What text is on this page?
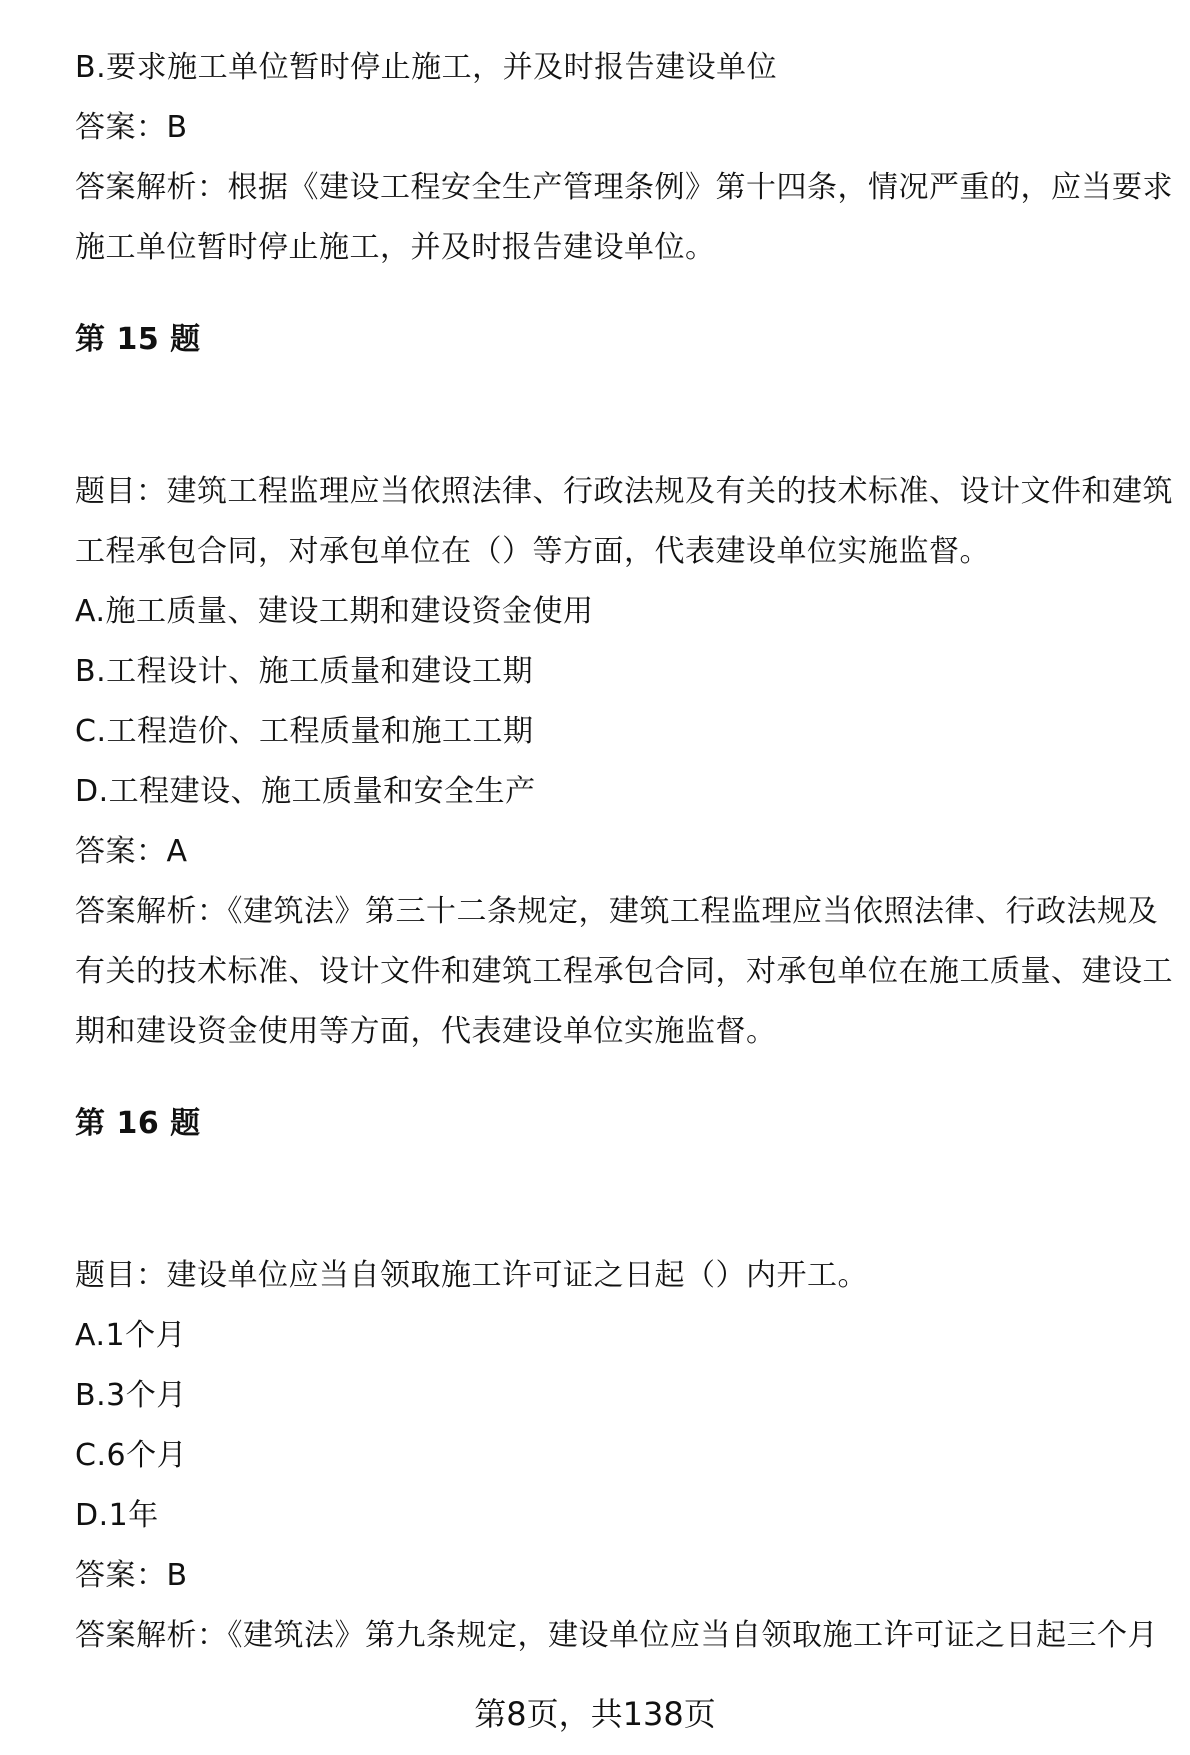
B.要求施工单位暂时停止施工，并及时报告建设单位
答案：B
答案解析：根据《建设工程安全生产管理条例》第十四条，情况严重的，应当要求
施工单位暂时停止施工，并及时报告建设单位。
第 15 题
题目：建筑工程监理应当依照法律、行政法规及有关的技术标准、设计文件和建筑
工程承包合同，对承包单位在（）等方面，代表建设单位实施监督。
A.施工质量、建设工期和建设资金使用
B.工程设计、施工质量和建设工期
C.工程造价、工程质量和施工工期
D.工程建设、施工质量和安全生产
答案：A
答案解析：《建筑法》第三十二条规定，建筑工程监理应当依照法律、行政法规及
有关的技术标准、设计文件和建筑工程承包合同，对承包单位在施工质量、建设工
期和建设资金使用等方面，代表建设单位实施监督。
第 16 题
题目：建设单位应当自领取施工许可证之日起（）内开工。
A.1个月
B.3个月
C.6个月
D.1年
答案：B
答案解析：《建筑法》第九条规定，建设单位应当自领取施工许可证之日起三个月
第8页，共138页
